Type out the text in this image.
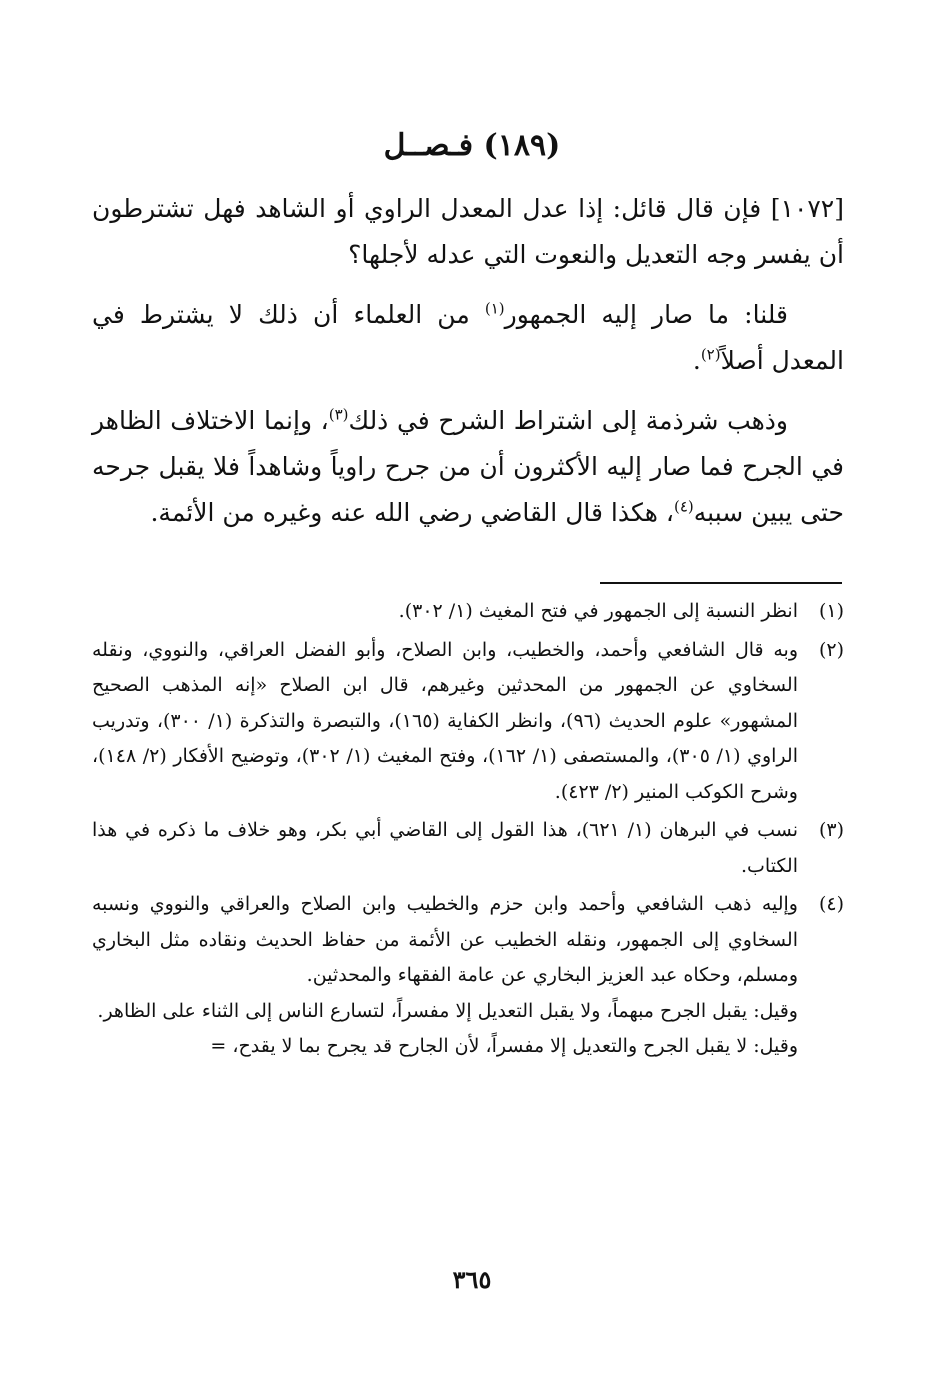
(١٨٩) فـصــل

[١٠٧٢] فإن قال قائل: إذا عدل المعدل الراوي أو الشاهد فهل تشترطون أن يفسر وجه التعديل والنعوت التي عدله لأجلها؟

قلنا: ما صار إليه الجمهور$^{(١)}$ من العلماء أن ذلك لا يشترط في المعدل أصلاً$^{(٢)}$.

وذهب شرذمة إلى اشتراط الشرح في ذلك$^{(٣)}$، وإنما الاختلاف الظاهر في الجرح فما صار إليه الأكثرون أن من جرح راوياً وشاهداً فلا يقبل جرحه حتى يبين سببه$^{(٤)}$، هكذا قال القاضي رضي الله عنه وغيره من الأئمة.

(١)
انظر النسبة إلى الجمهور في فتح المغيث (١/ ٣٠٢).
(٢)
وبه قال الشافعي وأحمد، والخطيب، وابن الصلاح، وأبو الفضل العراقي، والنووي، ونقله السخاوي عن الجمهور من المحدثين وغيرهم، قال ابن الصلاح «إنه المذهب الصحيح المشهور» علوم الحديث (٩٦)، وانظر الكفاية (١٦٥)، والتبصرة والتذكرة (١/ ٣٠٠)، وتدريب الراوي (١/ ٣٠٥)، والمستصفى (١/ ١٦٢)، وفتح المغيث (١/ ٣٠٢)، وتوضيح الأفكار (٢/ ١٤٨)، وشرح الكوكب المنير (٢/ ٤٢٣).
(٣)
نسب في البرهان (١/ ٦٢١)، هذا القول إلى القاضي أبي بكر، وهو خلاف ما ذكره في هذا الكتاب.
(٤)
وإليه ذهب الشافعي وأحمد وابن حزم والخطيب وابن الصلاح والعراقي والنووي ونسبه السخاوي إلى الجمهور، ونقله الخطيب عن الأئمة من حفاظ الحديث ونقاده مثل البخاري ومسلم، وحكاه عبد العزيز البخاري عن عامة الفقهاء والمحدثين.
وقيل: يقبل الجرح مبهماً، ولا يقبل التعديل إلا مفسراً، لتسارع الناس إلى الثناء على الظاهر.
وقيل: لا يقبل الجرح والتعديل إلا مفسراً، لأن الجارح قد يجرح بما لا يقدح، =
٣٦٥
